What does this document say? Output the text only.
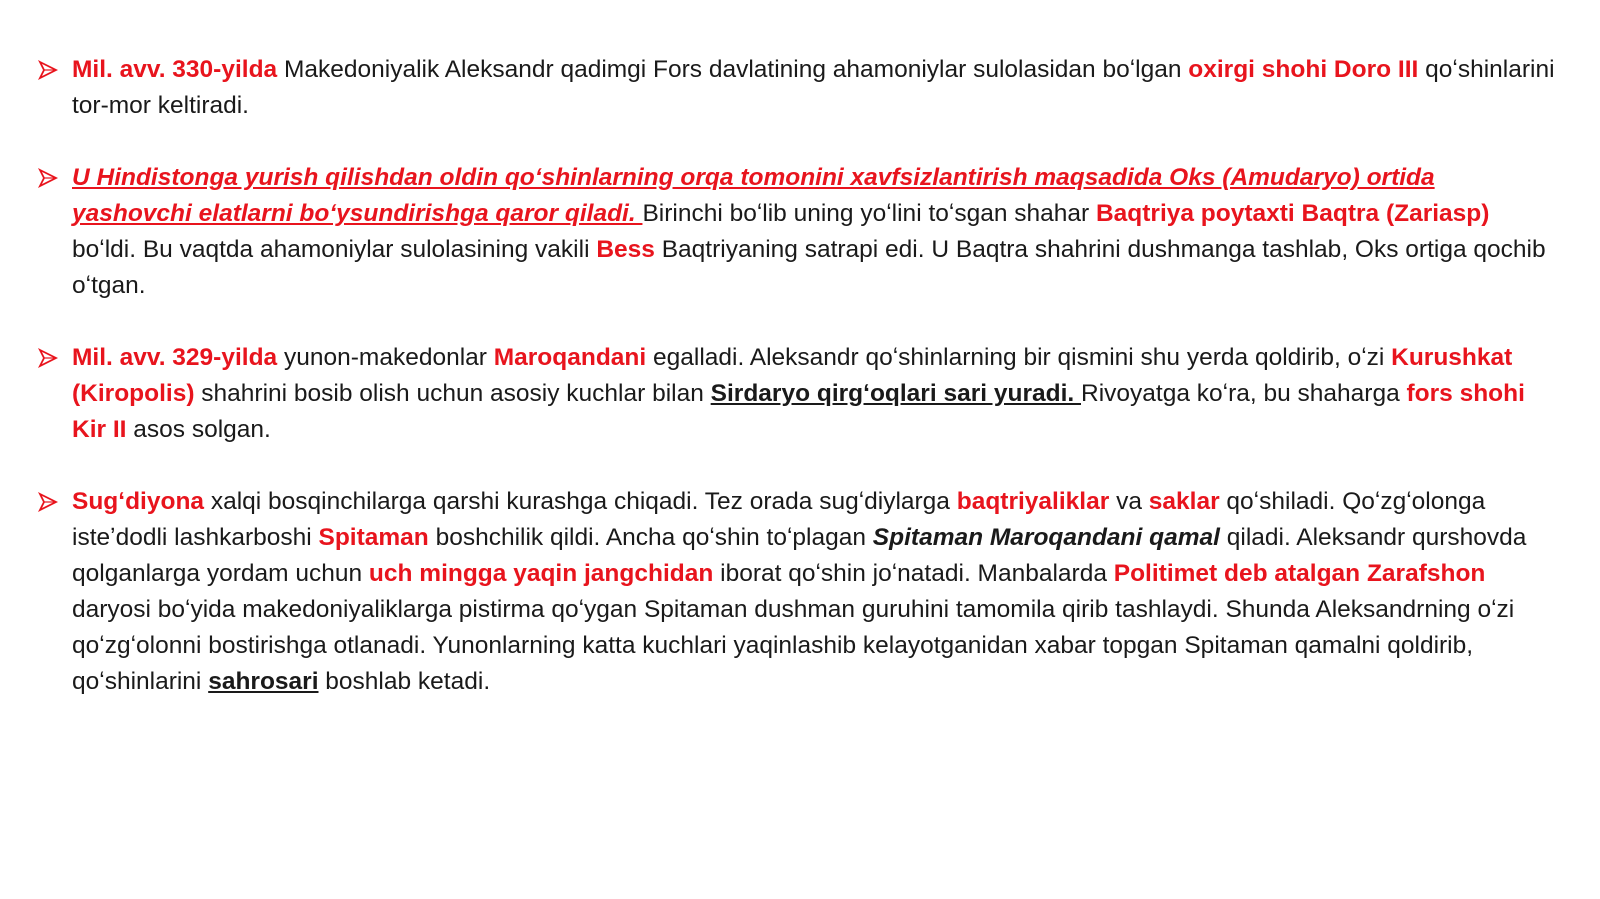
Mil. avv. 330-yilda Makedoniyalik Aleksandr qadimgi Fors davlatining ahamoniylar sulolasidan boʻlgan oxirgi shohi Doro III qoʻshinlarini tor-mor keltiradi.

U Hindistonga yurish qilishdan oldin qoʻshinlarning orqa tomonini xavfsizlantirish maqsadida Oks (Amudaryo) ortida yashovchi elatlarni boʻysundirishga qaror qiladi. Birinchi boʻlib uning yoʻlini toʻsgan shahar Baqtriya poytaxti Baqtra (Zariasp) boʻldi. Bu vaqtda ahamoniylar sulolasining vakili Bess Baqtriyaning satrapi edi. U Baqtra shahrini dushmanga tashlab, Oks ortiga qochib oʻtgan.

Mil. avv. 329-yilda yunon-makedonlar Maroqandani egalladi. Aleksandr qoʻshinlarning bir qismini shu yerda qoldirib, oʻzi Kurushkat (Kiropolis) shahrini bosib olish uchun asosiy kuchlar bilan Sirdaryo qirgʻoqlari sari yuradi. Rivoyatga koʻra, bu shaharga fors shohi Kir II asos solgan.

Sugʻdiyona xalqi bosqinchilarga qarshi kurashga chiqadi. Tez orada sugʻdiylarga baqtriyaliklar va saklar qoʻshiladi. Qoʻzgʻolonga isteʼdodli lashkarboshi Spitaman boshchilik qildi. Ancha qoʻshin toʻplagan Spitaman Maroqandani qamal qiladi. Aleksandr qurshovda qolganlarga yordam uchun uch mingga yaqin jangchidan iborat qoʻshin joʻnatadi. Manbalarda Politimet deb atalgan Zarafshon daryosi boʻyida makedoniyaliklarga pistirma qoʻygan Spitaman dushman guruhini tamomila qirib tashlaydi. Shunda Aleksandrning oʻzi qoʻzgʻolonni bostirishga otlanadi. Yunonlarning katta kuchlari yaqinlashib kelayotganidan xabar topgan Spitaman qamalni qoldirib, qoʻshinlarini sahrosari boshlab ketadi.
